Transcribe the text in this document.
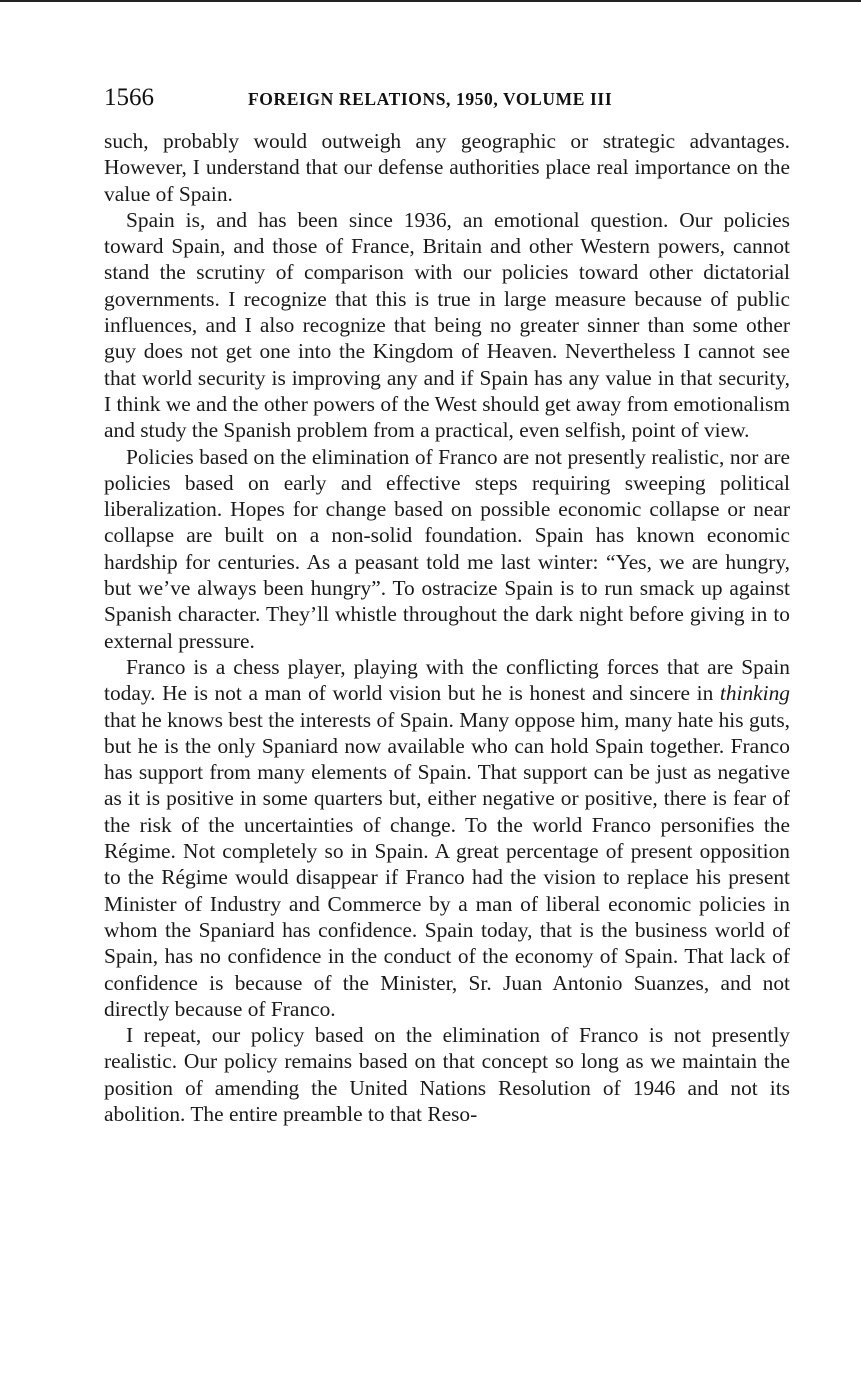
1566	FOREIGN RELATIONS, 1950, VOLUME III

such, probably would outweigh any geographic or strategic advantages. However, I understand that our defense authorities place real importance on the value of Spain.

Spain is, and has been since 1936, an emotional question. Our policies toward Spain, and those of France, Britain and other Western powers, cannot stand the scrutiny of comparison with our policies toward other dictatorial governments. I recognize that this is true in large measure because of public influences, and I also recognize that being no greater sinner than some other guy does not get one into the Kingdom of Heaven. Nevertheless I cannot see that world security is improving any and if Spain has any value in that security, I think we and the other powers of the West should get away from emotionalism and study the Spanish problem from a practical, even selfish, point of view.

Policies based on the elimination of Franco are not presently realistic, nor are policies based on early and effective steps requiring sweeping political liberalization. Hopes for change based on possible economic collapse or near collapse are built on a non-solid foundation. Spain has known economic hardship for centuries. As a peasant told me last winter: “Yes, we are hungry, but we’ve always been hungry”. To ostracize Spain is to run smack up against Spanish character. They’ll whistle throughout the dark night before giving in to external pressure.

Franco is a chess player, playing with the conflicting forces that are Spain today. He is not a man of world vision but he is honest and sincere in thinking that he knows best the interests of Spain. Many oppose him, many hate his guts, but he is the only Spaniard now available who can hold Spain together. Franco has support from many elements of Spain. That support can be just as negative as it is positive in some quarters but, either negative or positive, there is fear of the risk of the uncertainties of change. To the world Franco personifies the Régime. Not completely so in Spain. A great percentage of present opposition to the Régime would disappear if Franco had the vision to replace his present Minister of Industry and Commerce by a man of liberal economic policies in whom the Spaniard has confidence. Spain today, that is the business world of Spain, has no confidence in the conduct of the economy of Spain. That lack of confidence is because of the Minister, Sr. Juan Antonio Suanzes, and not directly because of Franco.

I repeat, our policy based on the elimination of Franco is not presently realistic. Our policy remains based on that concept so long as we maintain the position of amending the United Nations Resolution of 1946 and not its abolition. The entire preamble to that Reso-
